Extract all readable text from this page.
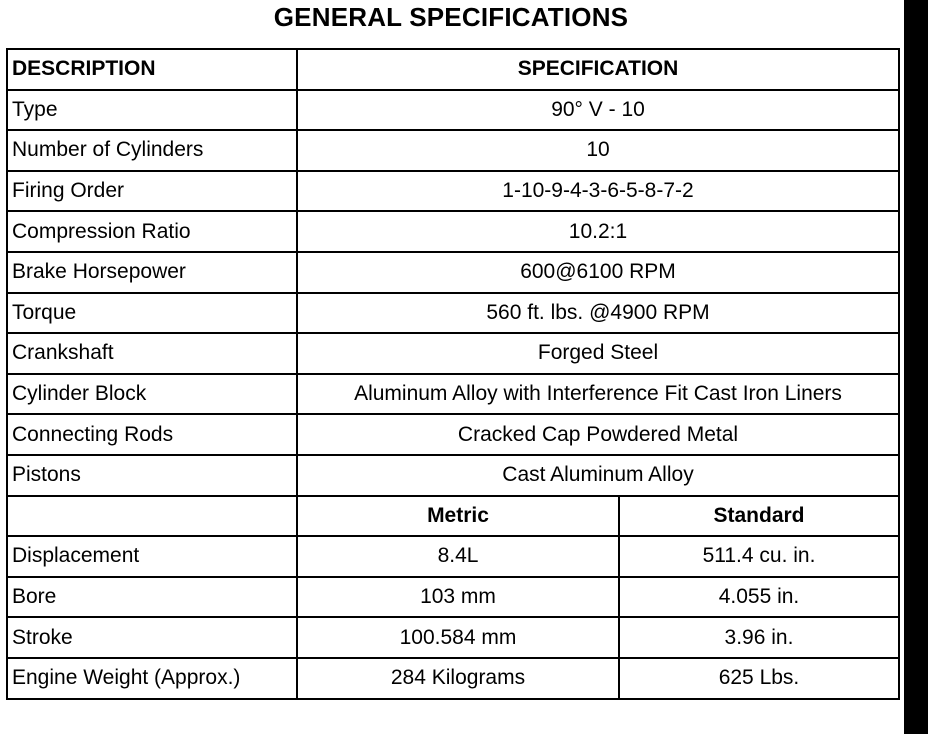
GENERAL SPECIFICATIONS
DESCRIPTION	SPECIFICATION	
Type	90° V - 10	
Number of Cylinders	10	
Firing Order	1-10-9-4-3-6-5-8-7-2	
Compression Ratio	10.2:1	
Brake Horsepower	600@6100 RPM	
Torque	560 ft. lbs. @4900 RPM	
Crankshaft	Forged Steel	
Cylinder Block	Aluminum Alloy with Interference Fit Cast Iron Liners	
Connecting Rods	Cracked Cap Powdered Metal	
Pistons	Cast Aluminum Alloy	
	Metric	Standard
Displacement	8.4L	511.4 cu. in.
Bore	103 mm	4.055 in.
Stroke	100.584 mm	3.96 in.
Engine Weight (Approx.)	284 Kilograms	625 Lbs.
